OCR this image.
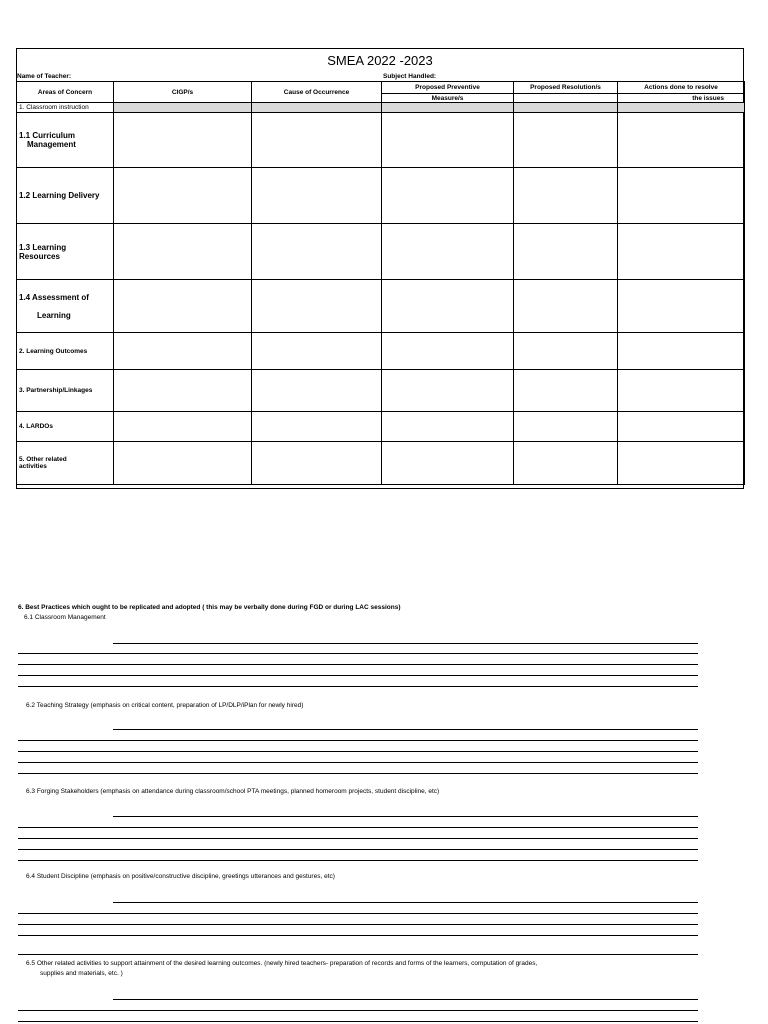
SMEA 2022 -2023
Name of Teacher:	Subject Handled:
Areas of Concern	CIGP/s	Cause of Occurrence	Proposed Preventive	Proposed Resolution/s	Actions done to resolve
			Measure/s		the issues
1. Classroom instruction					
1.1 Curriculum
Management					
1.2 Learning Delivery					
1.3 Learning
Resources					
1.4 Assessment of

Learning					
2. Learning Outcomes					
3. Partnership/Linkages					
4. LARDOs					
5. Other related
activities					
6. Best Practices which ought to be replicated and adopted ( this may be verbally done during FGD or during LAC sessions)
6.1 Classroom Management
6.2 Teaching Strategy (emphasis on critical content, preparation of LP/DLP/iPlan for newly hired)
6.3 Forging Stakeholders (emphasis on attendance during classroom/school PTA meetings, planned homeroom projects, student discipline, etc)
6.4 Student Discipline (emphasis on positive/constructive discipline, greetings utterances and gestures, etc)
6.5 Other related activities to support attainment of the desired learning outcomes. (newly hired teachers- preparation of records and forms of the learners, computation of grades,
supplies and materials, etc. )
